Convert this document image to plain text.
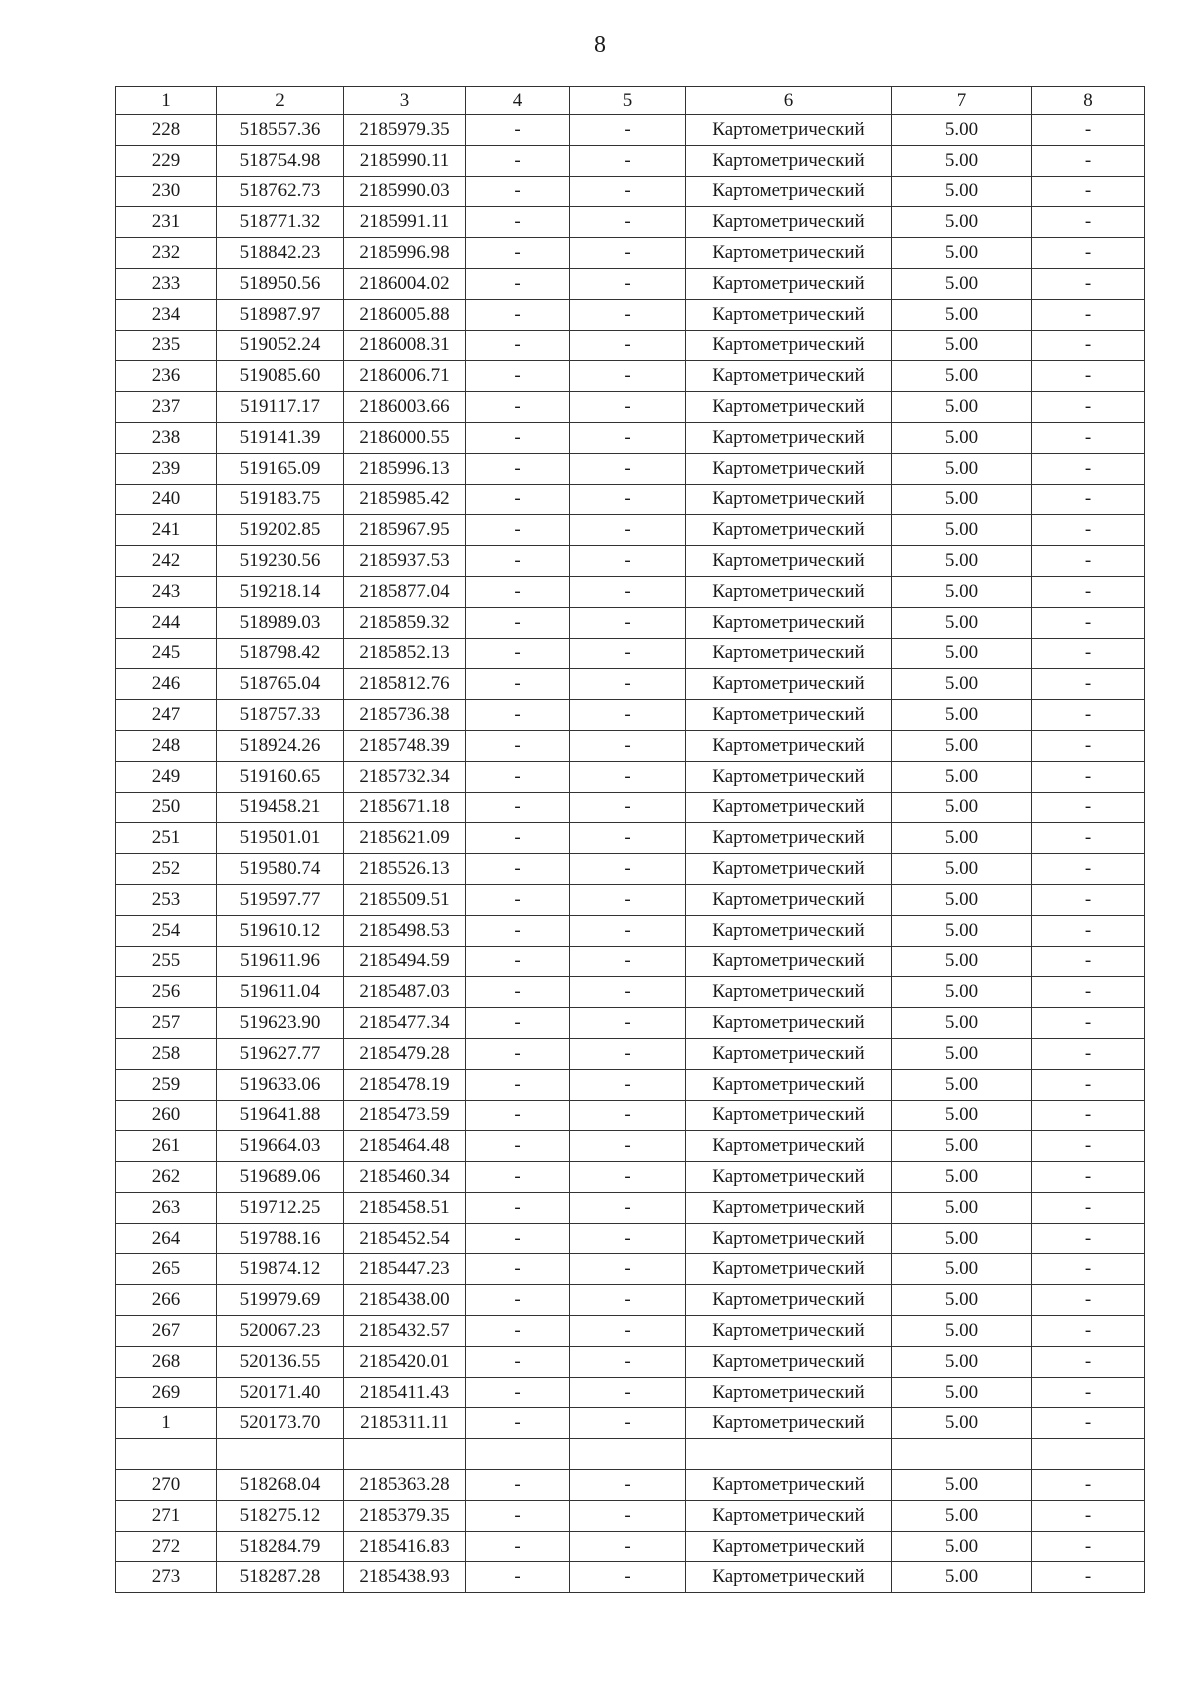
8
1	2	3	4	5	6	7	8
228	518557.36	2185979.35	-	-	Картометрический	5.00	-
229	518754.98	2185990.11	-	-	Картометрический	5.00	-
230	518762.73	2185990.03	-	-	Картометрический	5.00	-
231	518771.32	2185991.11	-	-	Картометрический	5.00	-
232	518842.23	2185996.98	-	-	Картометрический	5.00	-
233	518950.56	2186004.02	-	-	Картометрический	5.00	-
234	518987.97	2186005.88	-	-	Картометрический	5.00	-
235	519052.24	2186008.31	-	-	Картометрический	5.00	-
236	519085.60	2186006.71	-	-	Картометрический	5.00	-
237	519117.17	2186003.66	-	-	Картометрический	5.00	-
238	519141.39	2186000.55	-	-	Картометрический	5.00	-
239	519165.09	2185996.13	-	-	Картометрический	5.00	-
240	519183.75	2185985.42	-	-	Картометрический	5.00	-
241	519202.85	2185967.95	-	-	Картометрический	5.00	-
242	519230.56	2185937.53	-	-	Картометрический	5.00	-
243	519218.14	2185877.04	-	-	Картометрический	5.00	-
244	518989.03	2185859.32	-	-	Картометрический	5.00	-
245	518798.42	2185852.13	-	-	Картометрический	5.00	-
246	518765.04	2185812.76	-	-	Картометрический	5.00	-
247	518757.33	2185736.38	-	-	Картометрический	5.00	-
248	518924.26	2185748.39	-	-	Картометрический	5.00	-
249	519160.65	2185732.34	-	-	Картометрический	5.00	-
250	519458.21	2185671.18	-	-	Картометрический	5.00	-
251	519501.01	2185621.09	-	-	Картометрический	5.00	-
252	519580.74	2185526.13	-	-	Картометрический	5.00	-
253	519597.77	2185509.51	-	-	Картометрический	5.00	-
254	519610.12	2185498.53	-	-	Картометрический	5.00	-
255	519611.96	2185494.59	-	-	Картометрический	5.00	-
256	519611.04	2185487.03	-	-	Картометрический	5.00	-
257	519623.90	2185477.34	-	-	Картометрический	5.00	-
258	519627.77	2185479.28	-	-	Картометрический	5.00	-
259	519633.06	2185478.19	-	-	Картометрический	5.00	-
260	519641.88	2185473.59	-	-	Картометрический	5.00	-
261	519664.03	2185464.48	-	-	Картометрический	5.00	-
262	519689.06	2185460.34	-	-	Картометрический	5.00	-
263	519712.25	2185458.51	-	-	Картометрический	5.00	-
264	519788.16	2185452.54	-	-	Картометрический	5.00	-
265	519874.12	2185447.23	-	-	Картометрический	5.00	-
266	519979.69	2185438.00	-	-	Картометрический	5.00	-
267	520067.23	2185432.57	-	-	Картометрический	5.00	-
268	520136.55	2185420.01	-	-	Картометрический	5.00	-
269	520171.40	2185411.43	-	-	Картометрический	5.00	-
1	520173.70	2185311.11	-	-	Картометрический	5.00	-

270	518268.04	2185363.28	-	-	Картометрический	5.00	-
271	518275.12	2185379.35	-	-	Картометрический	5.00	-
272	518284.79	2185416.83	-	-	Картометрический	5.00	-
273	518287.28	2185438.93	-	-	Картометрический	5.00	-
